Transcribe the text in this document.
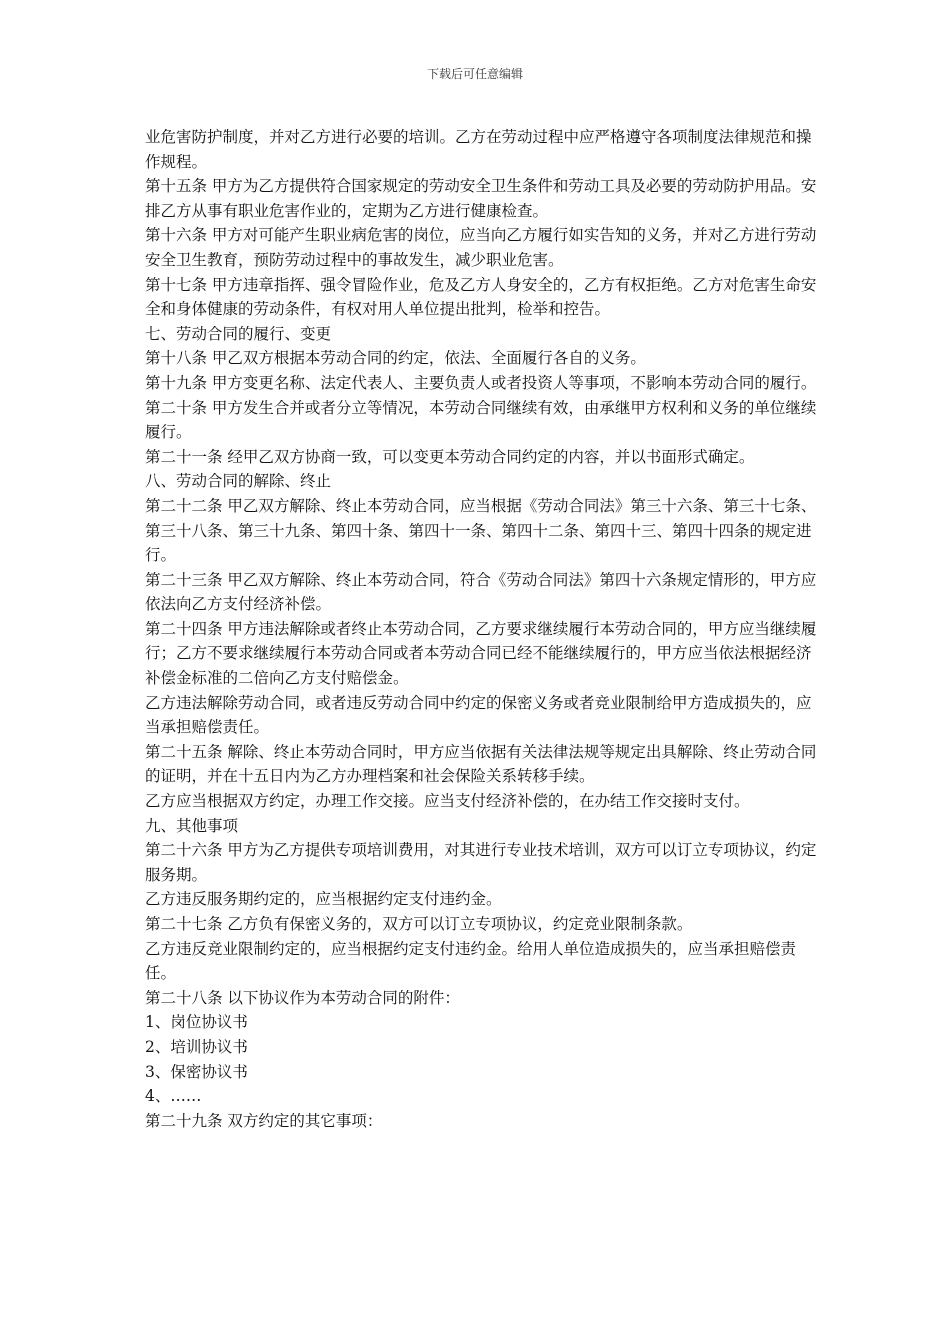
下载后可任意编辑

业危害防护制度，并对乙方进行必要的培训。乙方在劳动过程中应严格遵守各项制度法律规范和操作规程。

第十五条 甲方为乙方提供符合国家规定的劳动安全卫生条件和劳动工具及必要的劳动防护用品。安排乙方从事有职业危害作业的，定期为乙方进行健康检查。

第十六条 甲方对可能产生职业病危害的岗位，应当向乙方履行如实告知的义务，并对乙方进行劳动安全卫生教育，预防劳动过程中的事故发生，减少职业危害。

第十七条 甲方违章指挥、强令冒险作业，危及乙方人身安全的，乙方有权拒绝。乙方对危害生命安全和身体健康的劳动条件，有权对用人单位提出批判，检举和控告。

七、劳动合同的履行、变更

第十八条 甲乙双方根据本劳动合同的约定，依法、全面履行各自的义务。

第十九条 甲方变更名称、法定代表人、主要负责人或者投资人等事项，不影响本劳动合同的履行。

第二十条 甲方发生合并或者分立等情况，本劳动合同继续有效，由承继甲方权利和义务的单位继续履行。

第二十一条 经甲乙双方协商一致，可以变更本劳动合同约定的内容，并以书面形式确定。

八、劳动合同的解除、终止

第二十二条 甲乙双方解除、终止本劳动合同，应当根据《劳动合同法》第三十六条、第三十七条、第三十八条、第三十九条、第四十条、第四十一条、第四十二条、第四十三、第四十四条的规定进行。

第二十三条 甲乙双方解除、终止本劳动合同，符合《劳动合同法》第四十六条规定情形的，甲方应依法向乙方支付经济补偿。

第二十四条 甲方违法解除或者终止本劳动合同，乙方要求继续履行本劳动合同的，甲方应当继续履行；乙方不要求继续履行本劳动合同或者本劳动合同已经不能继续履行的，甲方应当依法根据经济补偿金标准的二倍向乙方支付赔偿金。

乙方违法解除劳动合同，或者违反劳动合同中约定的保密义务或者竞业限制给甲方造成损失的，应当承担赔偿责任。

第二十五条 解除、终止本劳动合同时，甲方应当依据有关法律法规等规定出具解除、终止劳动合同的证明，并在十五日内为乙方办理档案和社会保险关系转移手续。

乙方应当根据双方约定，办理工作交接。应当支付经济补偿的，在办结工作交接时支付。

九、其他事项

第二十六条 甲方为乙方提供专项培训费用，对其进行专业技术培训，双方可以订立专项协议，约定服务期。

乙方违反服务期约定的，应当根据约定支付违约金。

第二十七条 乙方负有保密义务的，双方可以订立专项协议，约定竞业限制条款。

乙方违反竞业限制约定的，应当根据约定支付违约金。给用人单位造成损失的，应当承担赔偿责任。

第二十八条 以下协议作为本劳动合同的附件：

1、岗位协议书

2、培训协议书

3、保密协议书

4、……

第二十九条 双方约定的其它事项：
